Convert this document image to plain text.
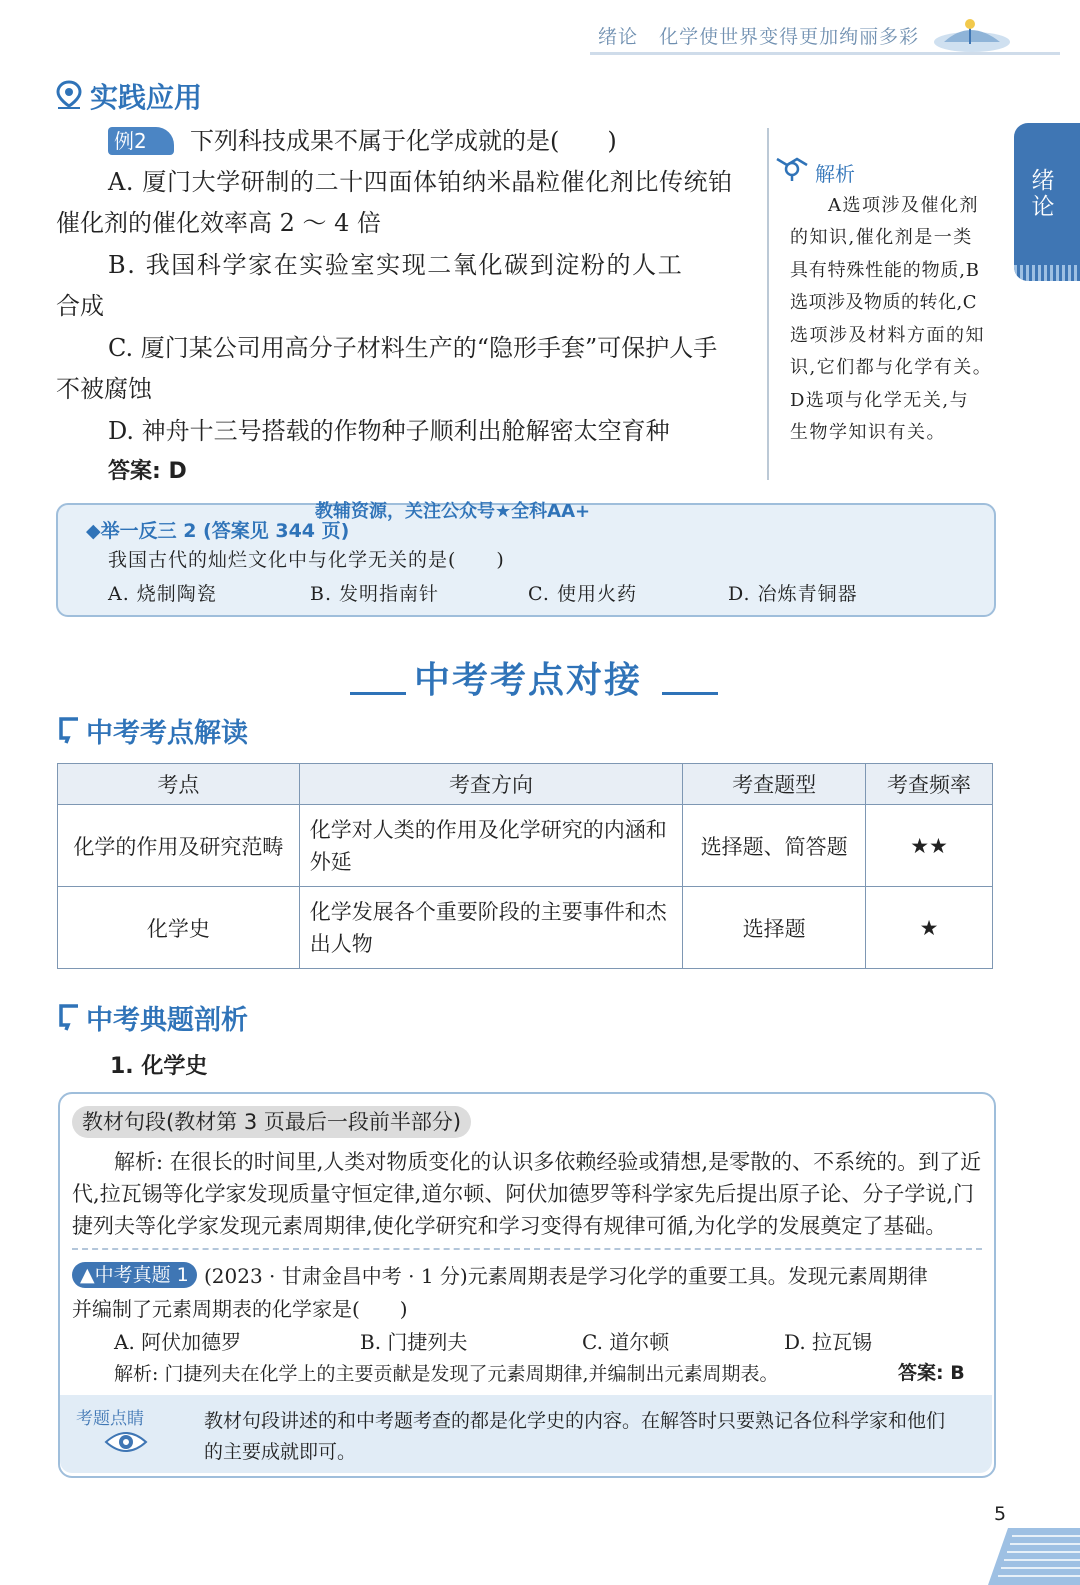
绪论 化学使世界变得更加绚丽多彩
绪论
实践应用
例2	下列科技成果不属于化学成就的是(　　)
A. 厦门大学研制的二十四面体铂纳米晶粒催化剂比传统铂
催化剂的催化效率高 2 ～ 4 倍
B. 我国科学家在实验室实现二氧化碳到淀粉的人工
合成
C. 厦门某公司用高分子材料生产的“隐形手套”可保护人手
不被腐蚀
D. 神舟十三号搭载的作物种子顺利出舱解密太空育种
答案: D
解析
A选项涉及催化剂
的知识,催化剂是一类
具有特殊性能的物质,B
选项涉及物质的转化,C
选项涉及材料方面的知
识,它们都与化学有关。
D选项与化学无关,与
生物学知识有关。
教辅资源，关注公众号★全科AA+
◆举一反三 2 (答案见 344 页)
我国古代的灿烂文化中与化学无关的是(　　)
A. 烧制陶瓷	B. 发明指南针	C. 使用火药	D. 冶炼青铜器
中考考点对接
中考考点解读
考点	考查方向	考查题型	考查频率
化学的作用及研究范畴	化学对人类的作用及化学研究的内涵和外延	选择题、简答题	★★
化学史	化学发展各个重要阶段的主要事件和杰出人物	选择题	★
中考典题剖析
1. 化学史
教材句段(教材第 3 页最后一段前半部分)
解析: 在很长的时间里,人类对物质变化的认识多依赖经验或猜想,是零散的、不系统的。到了近
代,拉瓦锡等化学家发现质量守恒定律,道尔顿、阿伏加德罗等科学家先后提出原子论、分子学说,门
捷列夫等化学家发现元素周期律,使化学研究和学习变得有规律可循,为化学的发展奠定了基础。
▲中考真题 1 (2023 · 甘肃金昌中考 · 1 分)元素周期表是学习化学的重要工具。发现元素周期律
并编制了元素周期表的化学家是(　　)
A. 阿伏加德罗	B. 门捷列夫	C. 道尔顿	D. 拉瓦锡
解析: 门捷列夫在化学上的主要贡献是发现了元素周期律,并编制出元素周期表。	答案: B
考题点睛	教材句段讲述的和中考题考查的都是化学史的内容。在解答时只要熟记各位科学家和他们
的主要成就即可。
5
